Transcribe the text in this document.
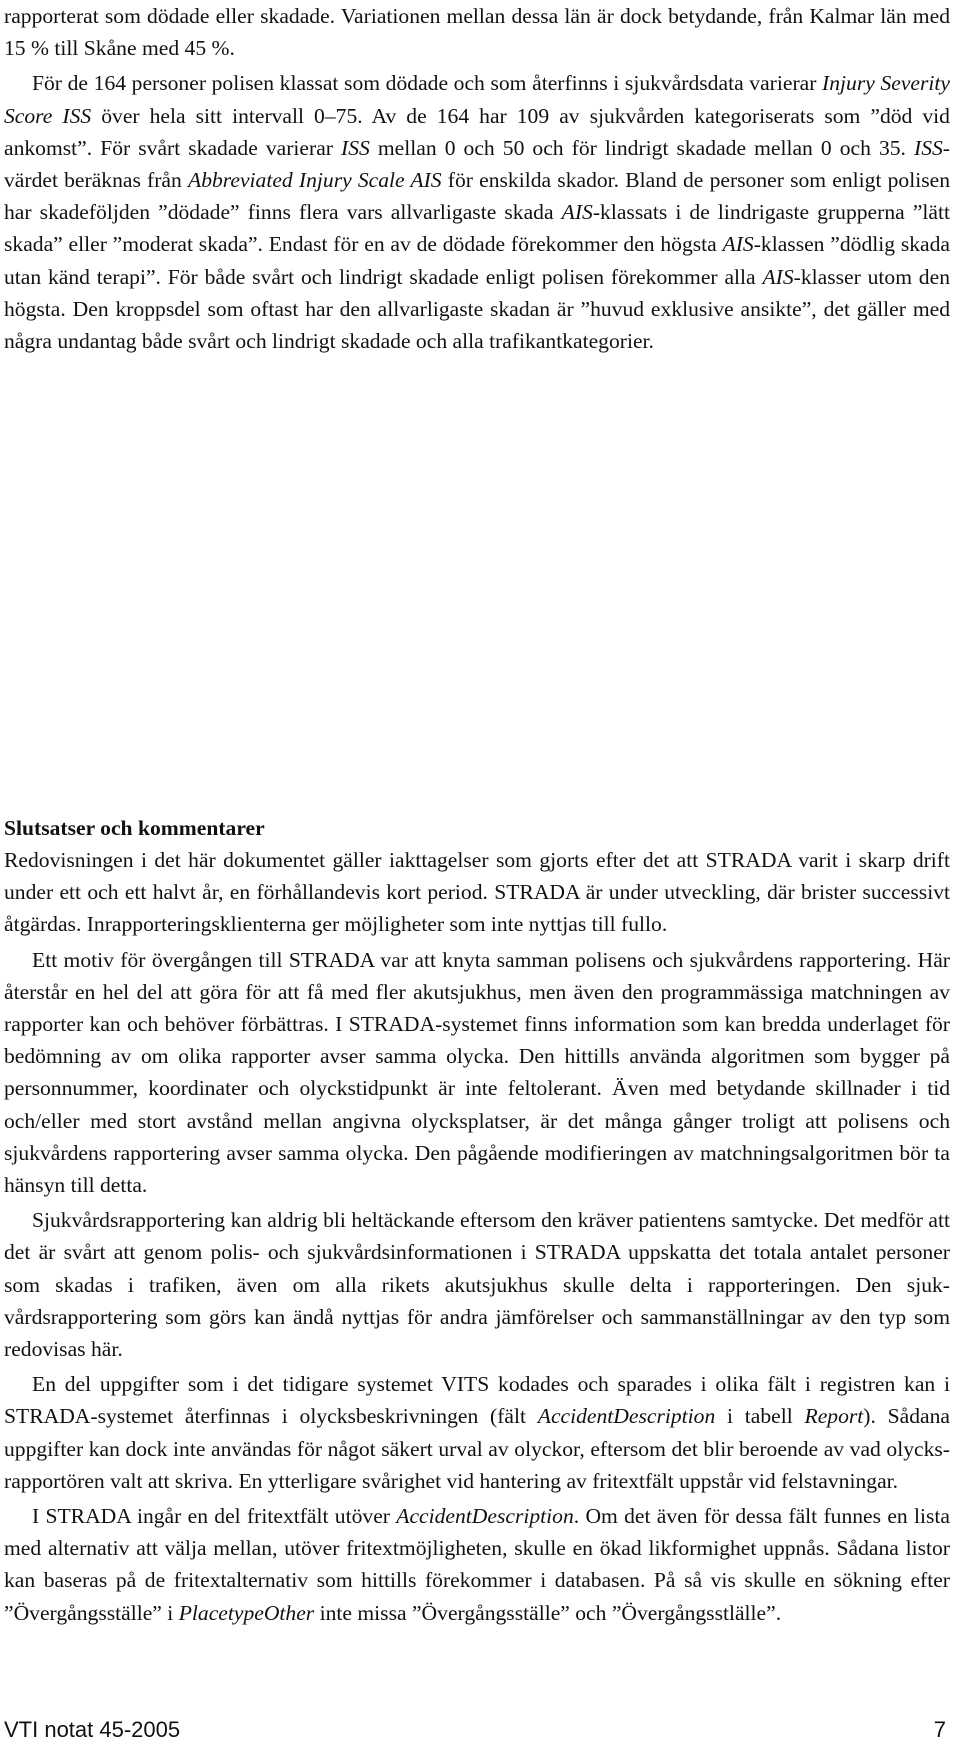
rapporterat som dödade eller skadade. Variationen mellan dessa län är dock betydande, från Kalmar län med 15 % till Skåne med 45 %.

För de 164 personer polisen klassat som dödade och som återfinns i sjukvårdsdata varierar Injury Severity Score ISS över hela sitt intervall 0–75. Av de 164 har 109 av sjukvården kategoriserats som ”död vid ankomst”. För svårt skadade varierar ISS mellan 0 och 50 och för lindrigt skadade mellan 0 och 35. ISS-värdet beräknas från Abbreviated Injury Scale AIS för enskilda skador. Bland de personer som enligt polisen har skadeföljden ”dödade” finns flera vars allvarligaste skada AIS-klassats i de lindrigaste grupperna ”lätt skada” eller ”moderat skada”. Endast för en av de dödade förekommer den högsta AIS-klassen ”dödlig skada utan känd terapi”. För både svårt och lindrigt skadade enligt polisen förekommer alla AIS-klasser utom den högsta. Den kroppsdel som oftast har den allvarligaste skadan är ”huvud exklusive ansikte”, det gäller med några undantag både svårt och lindrigt skadade och alla trafikantkategorier.

Slutsatser och kommentarer

Redovisningen i det här dokumentet gäller iakttagelser som gjorts efter det att STRADA varit i skarp drift under ett och ett halvt år, en förhållandevis kort period. STRADA är under utveckling, där brister successivt åtgärdas. Inrapporteringsklienterna ger möjligheter som inte nyttjas till fullo.

Ett motiv för övergången till STRADA var att knyta samman polisens och sjukvårdens rapportering. Här återstår en hel del att göra för att få med fler akutsjukhus, men även den programmässiga matchningen av rapporter kan och behöver förbättras. I STRADA-systemet finns information som kan bredda underlaget för bedömning av om olika rapporter avser samma olycka. Den hittills använda algoritmen som bygger på personnummer, koordinater och olyckstidpunkt är inte feltolerant. Även med betydande skillnader i tid och/eller med stort avstånd mellan angivna olycksplatser, är det många gånger troligt att polisens och sjukvårdens rapportering avser samma olycka. Den pågående modifieringen av matchningsalgoritmen bör ta hänsyn till detta.

Sjukvårdsrapportering kan aldrig bli heltäckande eftersom den kräver patientens samtycke. Det medför att det är svårt att genom polis- och sjukvårdsinformationen i STRADA uppskatta det totala antalet personer som skadas i trafiken, även om alla rikets akutsjukhus skulle delta i rapporteringen. Den sjukvårdsrapportering som görs kan ändå nyttjas för andra jämförelser och sammanställningar av den typ som redovisas här.

En del uppgifter som i det tidigare systemet VITS kodades och sparades i olika fält i registren kan i STRADA-systemet återfinnas i olycksbeskrivningen (fält AccidentDescription i tabell Report). Sådana uppgifter kan dock inte användas för något säkert urval av olyckor, eftersom det blir beroende av vad olycksrapportören valt att skriva. En ytterligare svårighet vid hantering av fritextfält uppstår vid felstavningar.

I STRADA ingår en del fritextfält utöver AccidentDescription. Om det även för dessa fält funnes en lista med alternativ att välja mellan, utöver fritextmöjligheten, skulle en ökad likformighet uppnås. Sådana listor kan baseras på de fritextalternativ som hittills förekommer i databasen. På så vis skulle en sökning efter ”Övergångsställe” i PlacetypeOther inte missa ”Övergångsställe” och ”Övergångsstlälle”.

VTI notat 45-2005	7
